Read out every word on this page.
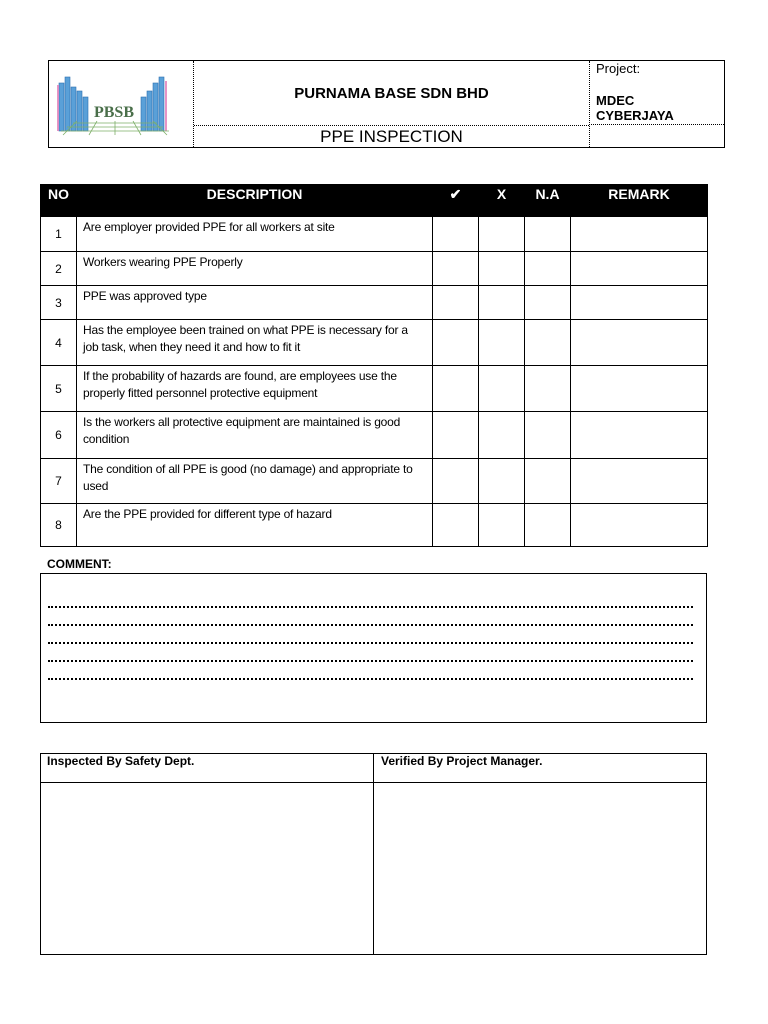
PBSB
PURNAMA BASE SDN BHD
PPE INSPECTION
Project:
MDEC
CYBERJAYA
NO	DESCRIPTION	✔	X	N.A	REMARK
1	Are employer provided PPE for all workers at site				
2	Workers wearing PPE Properly				
3	PPE was approved type				
4	Has the employee been trained on what PPE is necessary for a job task, when they need it and how to fit it				
5	If the probability of hazards are found, are employees use the properly fitted personnel protective equipment				
6	Is the workers all protective equipment are maintained is good condition				
7	The condition of all PPE is good (no damage) and appropriate to used				
8	Are the PPE provided for different type of hazard				
COMMENT:
Inspected By Safety Dept.	Verified By Project Manager.
